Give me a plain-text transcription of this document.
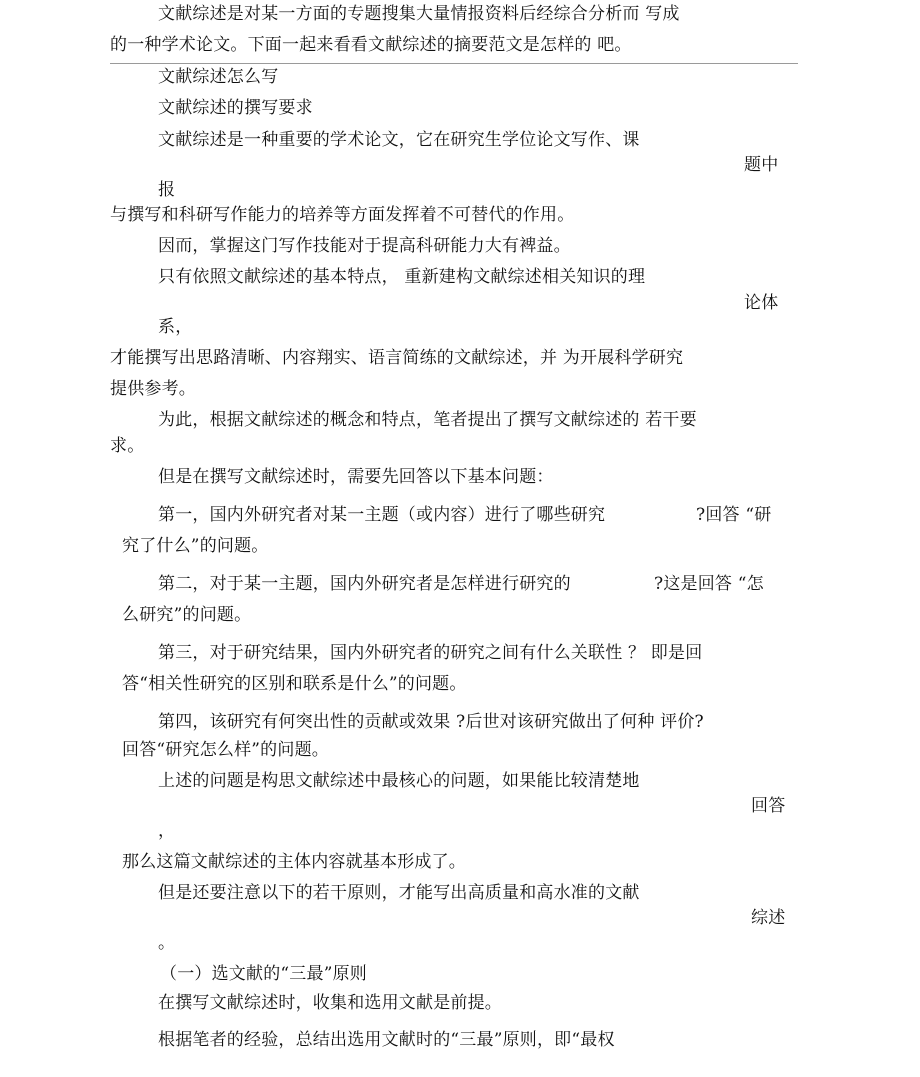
文献综述是对某一方面的专题搜集大量情报资料后经综合分析而 写成
的一种学术论文。下面一起来看看文献综述的摘要范文是怎样的 吧。
文献综述怎么写
文献综述的撰写要求
文献综述是一种重要的学术论文，它在研究生学位论文写作、课
题中
报
与撰写和科研写作能力的培养等方面发挥着不可替代的作用。
因而，掌握这门写作技能对于提高科研能力大有裨益。
只有依照文献综述的基本特点， 重新建构文献综述相关知识的理
论体
系，
才能撰写出思路清晰、内容翔实、语言简练的文献综述，并 为开展科学研究
提供参考。
为此，根据文献综述的概念和特点，笔者提出了撰写文献综述的 若干要
求。
但是在撰写文献综述时，需要先回答以下基本问题：
第一，国内外研究者对某一主题（或内容）进行了哪些研究	?回答 “研
究了什么”的问题。
第二，对于某一主题，国内外研究者是怎样进行研究的	?这是回答 “怎
么研究”的问题。
第三，对于研究结果，国内外研究者的研究之间有什么关联性 ？ 即是回
答“相关性研究的区别和联系是什么”的问题。
第四，该研究有何突出性的贡献或效果 ?后世对该研究做出了何种 评价?
回答“研究怎么样”的问题。
上述的问题是构思文献综述中最核心的问题，如果能比较清楚地
回答
，
那么这篇文献综述的主体内容就基本形成了。
但是还要注意以下的若干原则，才能写出高质量和高水准的文献
综述
。
（一）选文献的“三最”原则
在撰写文献综述时，收集和选用文献是前提。
根据笔者的经验，总结出选用文献时的“三最”原则，即“最权
